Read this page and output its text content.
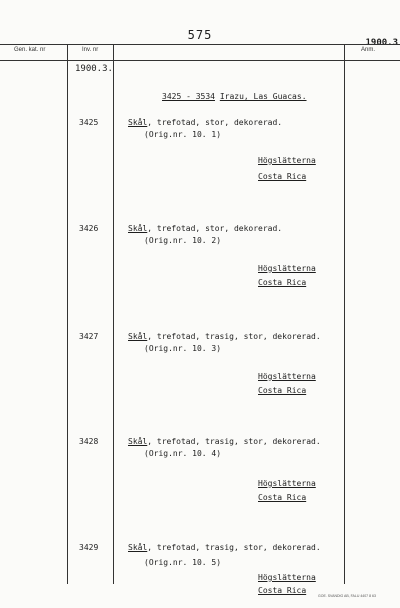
575
1900.3
Gen. kat. nr	Inv. nr	Anm.
1900.3.
3425 - 3534 Irazu, Las Guacas.
3425	Skål, trefotad, stor, dekorerad.
(Orig.nr. 10. 1)
Högslätterna
Costa Rica
3426	Skål, trefotad, stor, dekorerad.
(Orig.nr. 10. 2)
Högslätterna
Costa Rica
3427	Skål, trefotad, trasig, stor, dekorerad.
(Orig.nr. 10. 3)
Högslätterna
Costa Rica
3428	Skål, trefotad, trasig, stor, dekorerad.
(Orig.nr. 10. 4)
Högslätterna
Costa Rica
3429	Skål, trefotad, trasig, stor, dekorerad.
(Orig.nr. 10. 5)
Högslätterna
Costa Rica
GOE. SVANDIG AB, FALU 4407 8 63
